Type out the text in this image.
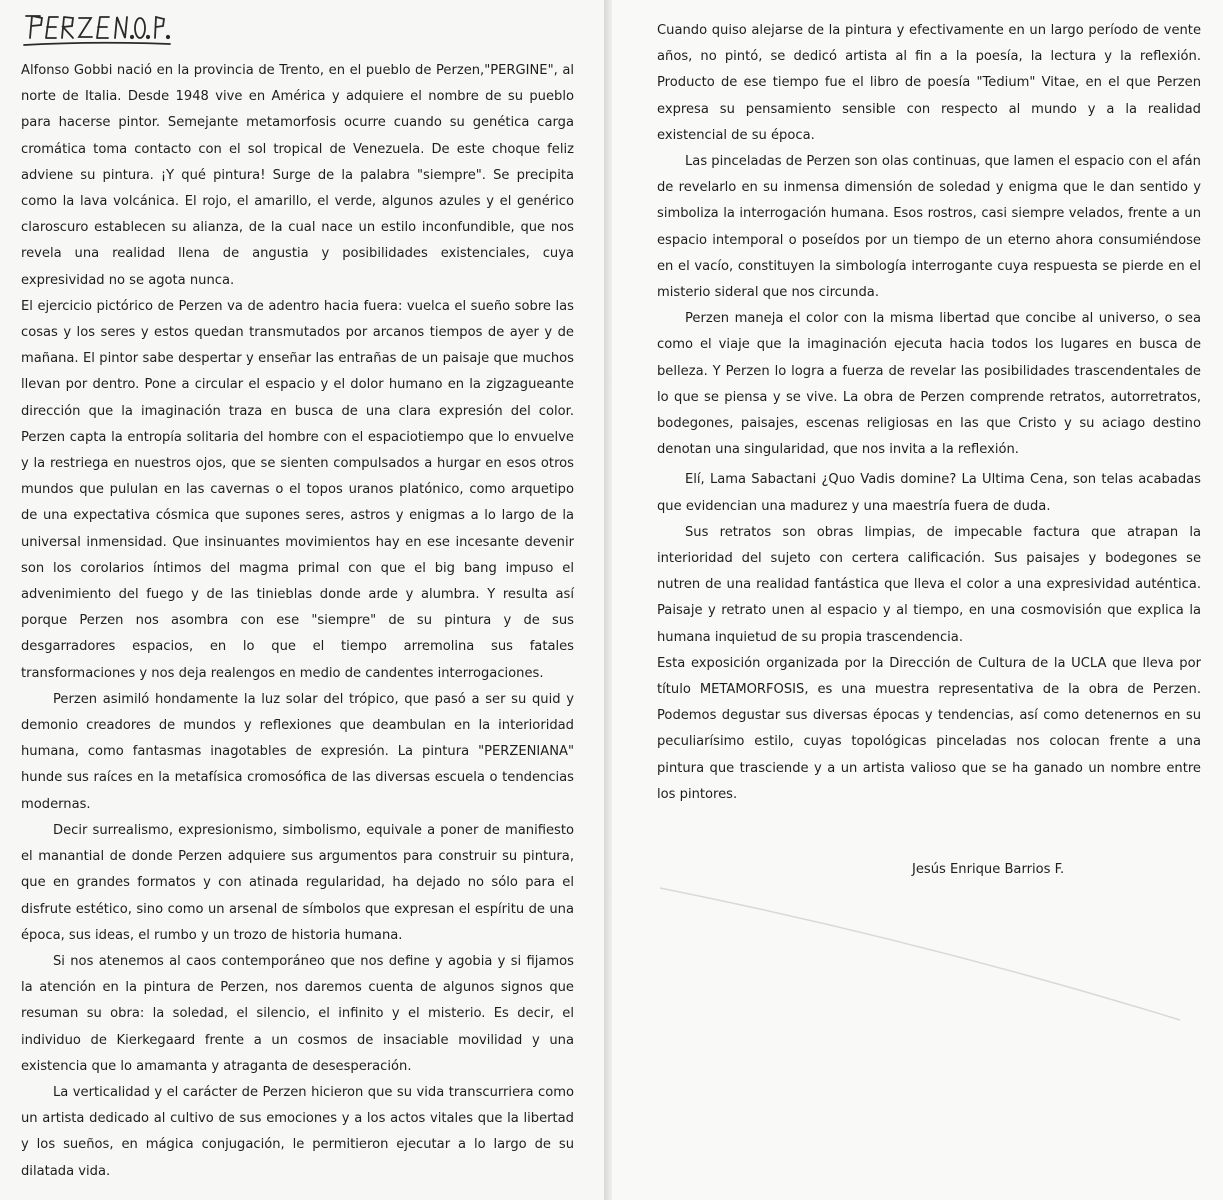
Alfonso Gobbi nació en la provincia de Trento, en el pueblo de Perzen,"PERGINE", al norte de Italia. Desde 1948 vive en América y adquiere el nombre de su pueblo para hacerse pintor. Semejante metamorfosis ocurre cuando su genética carga cromática toma contacto con el sol tropical de Venezuela. De este choque feliz adviene su pintura. ¡Y qué pintura! Surge de la palabra "siempre". Se precipita como la lava volcánica. El rojo, el amarillo, el verde, algunos azules y el genérico claroscuro establecen su alianza, de la cual nace un estilo inconfundible, que nos revela una realidad llena de angustia y posibilidades existenciales, cuya expresividad no se agota nunca.

El ejercicio pictórico de Perzen va de adentro hacia fuera: vuelca el sueño sobre las cosas y los seres y estos quedan transmutados por arcanos tiempos de ayer y de mañana. El pintor sabe despertar y enseñar las entrañas de un paisaje que muchos llevan por dentro. Pone a circular el espacio y el dolor humano en la zigzagueante dirección que la imaginación traza en busca de una clara expresión del color. Perzen capta la entropía solitaria del hombre con el espaciotiempo que lo envuelve y la restriega en nuestros ojos, que se sienten compulsados a hurgar en esos otros mundos que pululan en las cavernas o el topos uranos platónico, como arquetipo de una expectativa cósmica que supones seres, astros y enigmas a lo largo de la universal inmensidad. Que insinuantes movimientos hay en ese incesante devenir son los corolarios íntimos del magma primal con que el big bang impuso el advenimiento del fuego y de las tinieblas donde arde y alumbra. Y resulta así porque Perzen nos asombra con ese "siempre" de su pintura y de sus desgarradores espacios, en lo que el tiempo arremolina sus fatales transformaciones y nos deja realengos en medio de candentes interrogaciones.

Perzen asimiló hondamente la luz solar del trópico, que pasó a ser su quid y demonio creadores de mundos y reflexiones que deambulan en la interioridad humana, como fantasmas inagotables de expresión. La pintura "PERZENIANA" hunde sus raíces en la metafísica cromosófica de las diversas escuela o tendencias modernas.

Decir surrealismo, expresionismo, simbolismo, equivale a poner de manifiesto el manantial de donde Perzen adquiere sus argumentos para construir su pintura, que en grandes formatos y con atinada regularidad, ha dejado no sólo para el disfrute estético, sino como un arsenal de símbolos que expresan el espíritu de una época, sus ideas, el rumbo y un trozo de historia humana.

Si nos atenemos al caos contemporáneo que nos define y agobia y si fijamos la atención en la pintura de Perzen, nos daremos cuenta de algunos signos que resuman su obra: la soledad, el silencio, el infinito y el misterio. Es decir, el individuo de Kierkegaard frente a un cosmos de insaciable movilidad y una existencia que lo amamanta y atraganta de desesperación.

La verticalidad y el carácter de Perzen hicieron que su vida transcurriera como un artista dedicado al cultivo de sus emociones y a los actos vitales que la libertad y los sueños, en mágica conjugación, le permitieron ejecutar a lo largo de su dilatada vida.

Cuando quiso alejarse de la pintura y efectivamente en un largo período de vente años, no pintó, se dedicó artista al fin a la poesía, la lectura y la reflexión. Producto de ese tiempo fue el libro de poesía "Tedium" Vitae, en el que Perzen expresa su pensamiento sensible con respecto al mundo y a la realidad existencial de su época.

Las pinceladas de Perzen son olas continuas, que lamen el espacio con el afán de revelarlo en su inmensa dimensión de soledad y enigma que le dan sentido y simboliza la interrogación humana. Esos rostros, casi siempre velados, frente a un espacio intemporal o poseídos por un tiempo de un eterno ahora consumiéndose en el vacío, constituyen la simbología interrogante cuya respuesta se pierde en el misterio sideral que nos circunda.

Perzen maneja el color con la misma libertad que concibe al universo, o sea como el viaje que la imaginación ejecuta hacia todos los lugares en busca de belleza. Y Perzen lo logra a fuerza de revelar las posibilidades trascendentales de lo que se piensa y se vive. La obra de Perzen comprende retratos, autorretratos, bodegones, paisajes, escenas religiosas en las que Cristo y su aciago destino denotan una singularidad, que nos invita a la reflexión.

Elí, Lama Sabactani ¿Quo Vadis domine? La Ultima Cena, son telas acabadas que evidencian una madurez y una maestría fuera de duda.

Sus retratos son obras limpias, de impecable factura que atrapan la interioridad del sujeto con certera calificación. Sus paisajes y bodegones se nutren de una realidad fantástica que lleva el color a una expresividad auténtica. Paisaje y retrato unen al espacio y al tiempo, en una cosmovisión que explica la humana inquietud de su propia trascendencia.

Esta exposición organizada por la Dirección de Cultura de la UCLA que lleva por título METAMORFOSIS, es una muestra representativa de la obra de Perzen. Podemos degustar sus diversas épocas y tendencias, así como detenernos en su peculiarísimo estilo, cuyas topológicas pinceladas nos colocan frente a una pintura que trasciende y a un artista valioso que se ha ganado un nombre entre los pintores.

Jesús Enrique Barrios F.
